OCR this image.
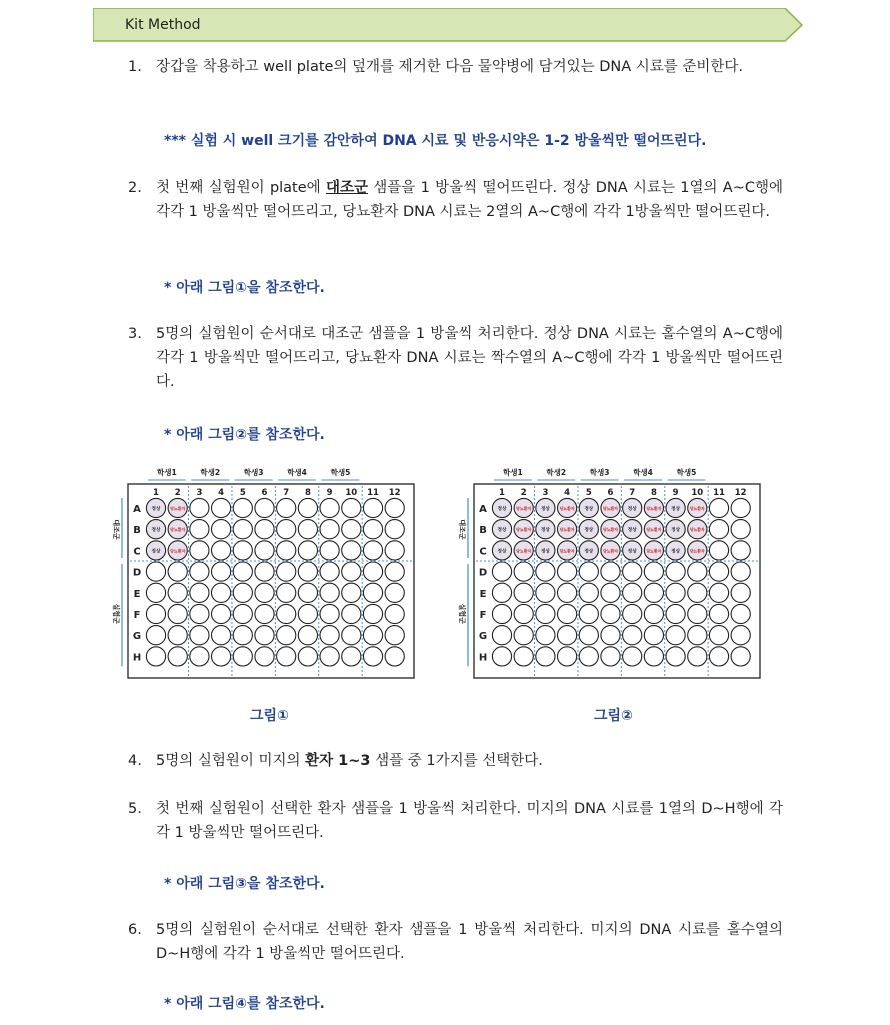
Kit Method
1. 장갑을 착용하고 well plate의 덮개를 제거한 다음 물약병에 담겨있는 DNA 시료를 준비한다.
*** 실험 시 well 크기를 감안하여 DNA 시료 및 반응시약은 1-2 방울씩만 떨어뜨린다.
2. 첫 번째 실험원이 plate에 대조군 샘플을 1 방울씩 떨어뜨린다. 정상 DNA 시료는 1열의 A~C행에 각각 1 방울씩만 떨어뜨리고, 당뇨환자 DNA 시료는 2열의 A~C행에 각각 1방울씩만 떨어뜨린다.
* 아래 그림①을 참조한다.
3. 5명의 실험원이 순서대로 대조군 샘플을 1 방울씩 처리한다. 정상 DNA 시료는 홀수열의 A~C행에 각각 1 방울씩만 떨어뜨리고, 당뇨환자 DNA 시료는 짝수열의 A~C행에 각각 1 방울씩만 떨어뜨린다.
* 아래 그림②를 참조한다.
학생1	학생2	학생3	학생4	학생5
1 2 3 4 5 6 7 8 9 10 11 12
A
B
C
D
E
F
G
H
대조군
실험군
정상 당뇨환자
정상 당뇨환자
정상 당뇨환자
학생1	학생2	학생3	학생4	학생5
1 2 3 4 5 6 7 8 9 10 11 12
A
B
C
D
E
F
G
H
대조군
실험군
정상 당뇨환자 정상 당뇨환자 정상 당뇨환자 정상 당뇨환자 정상 당뇨환자
정상 당뇨환자 정상 당뇨환자 정상 당뇨환자 정상 당뇨환자 정상 당뇨환자
정상 당뇨환자 정상 당뇨환자 정상 당뇨환자 정상 당뇨환자 정상 당뇨환자
그림①	그림②
4. 5명의 실험원이 미지의 환자 1~3 샘플 중 1가지를 선택한다.
5. 첫 번째 실험원이 선택한 환자 샘플을 1 방울씩 처리한다. 미지의 DNA 시료를 1열의 D~H행에 각각 1 방울씩만 떨어뜨린다.
* 아래 그림③을 참조한다.
6. 5명의 실험원이 순서대로 선택한 환자 샘플을 1 방울씩 처리한다. 미지의 DNA 시료를 홀수열의 D~H행에 각각 1 방울씩만 떨어뜨린다.
* 아래 그림④를 참조한다.
